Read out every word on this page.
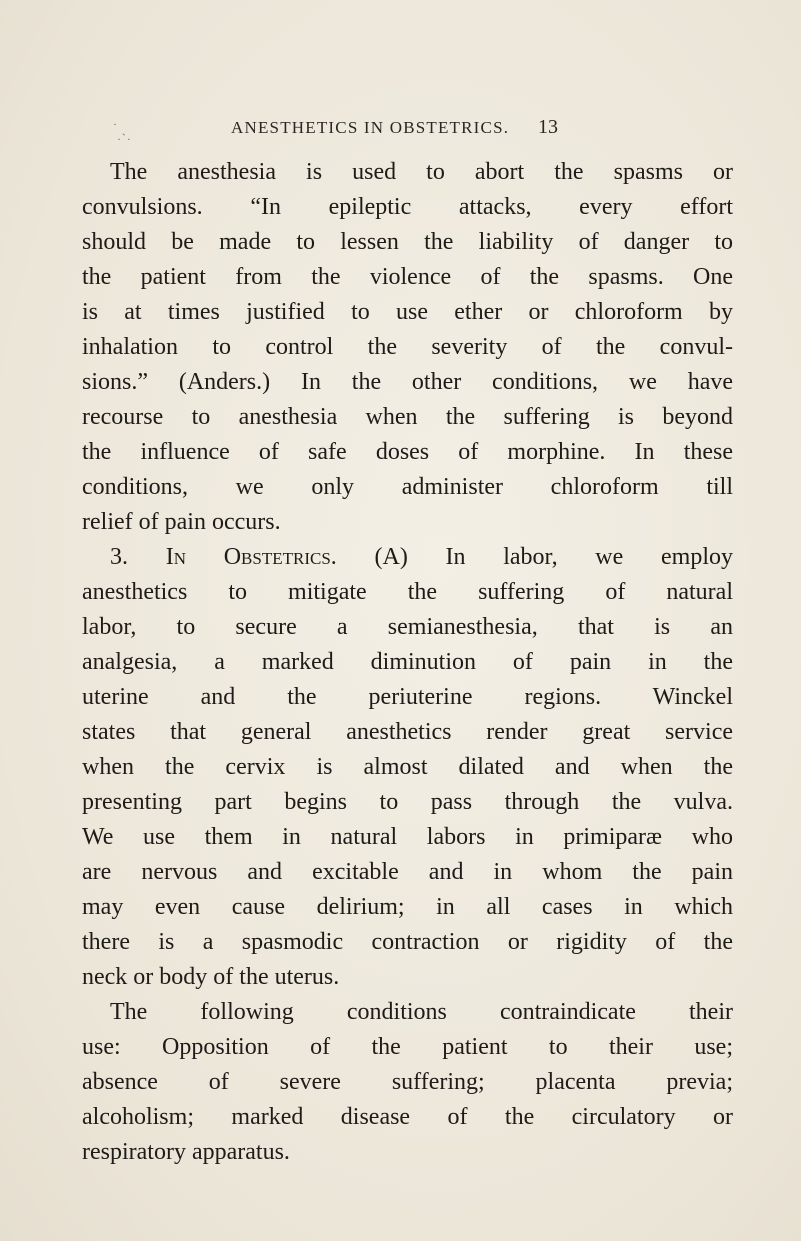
˙ ˏ
˙ ˙
ANESTHETICS IN OBSTETRICS. 13
The anesthesia is used to abort the spasms or
convulsions. “In epileptic attacks, every effort
should be made to lessen the liability of danger to
the patient from the violence of the spasms. One
is at times justified to use ether or chloroform by
inhalation to control the severity of the convul-
sions.” (Anders.) In the other conditions, we have
recourse to anesthesia when the suffering is beyond
the influence of safe doses of morphine. In these
conditions, we only administer chloroform till
relief of pain occurs.
3. In Obstetrics. (A) In labor, we employ
anesthetics to mitigate the suffering of natural
labor, to secure a semianesthesia, that is an
analgesia, a marked diminution of pain in the
uterine and the periuterine regions. Winckel
states that general anesthetics render great service
when the cervix is almost dilated and when the
presenting part begins to pass through the vulva.
We use them in natural labors in primiparæ who
are nervous and excitable and in whom the pain
may even cause delirium; in all cases in which
there is a spasmodic contraction or rigidity of the
neck or body of the uterus.
The following conditions contraindicate their
use: Opposition of the patient to their use;
absence of severe suffering; placenta previa;
alcoholism; marked disease of the circulatory or
respiratory apparatus.
